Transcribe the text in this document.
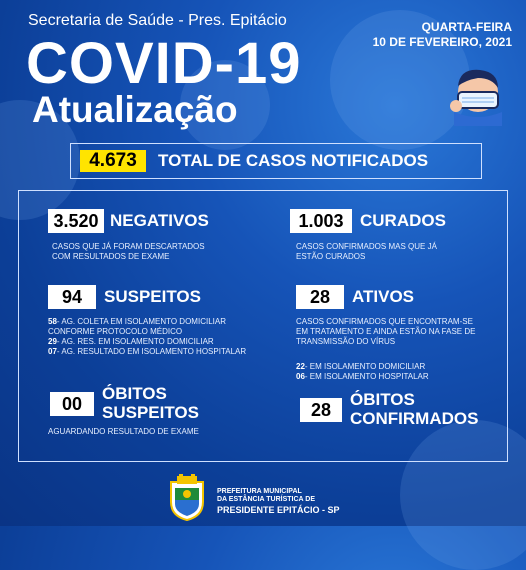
Secretaria de Saúde - Pres. Epitácio	QUARTA-FEIRA
10 DE FEVEREIRO, 2021
COVID-19
Atualização
4.673	TOTAL DE CASOS NOTIFICADOS
3.520 NEGATIVOS
CASOS QUE JÁ FORAM DESCARTADOS
COM RESULTADOS DE EXAME
1.003 CURADOS
CASOS CONFIRMADOS MAS QUE JÁ
ESTÃO CURADOS
94	SUSPEITOS
58- AG. COLETA EM ISOLAMENTO DOMICILIAR
CONFORME PROTOCOLO MÉDICO
29- AG. RES. EM ISOLAMENTO DOMICILIAR
07- AG. RESULTADO EM ISOLAMENTO HOSPITALAR
28	ATIVOS
CASOS CONFIRMADOS QUE ENCONTRAM-SE
EM TRATAMENTO E AINDA ESTÃO NA FASE DE
TRANSMISSÃO DO VÍRUS
22- EM ISOLAMENTO DOMICILIAR
06- EM ISOLAMENTO HOSPITALAR
00
ÓBITOS
SUSPEITOS
AGUARDANDO RESULTADO DE EXAME
28
ÓBITOS
CONFIRMADOS
PREFEITURA MUNICIPAL
DA ESTÂNCIA TURÍSTICA DE
PRESIDENTE EPITÁCIO - SP
